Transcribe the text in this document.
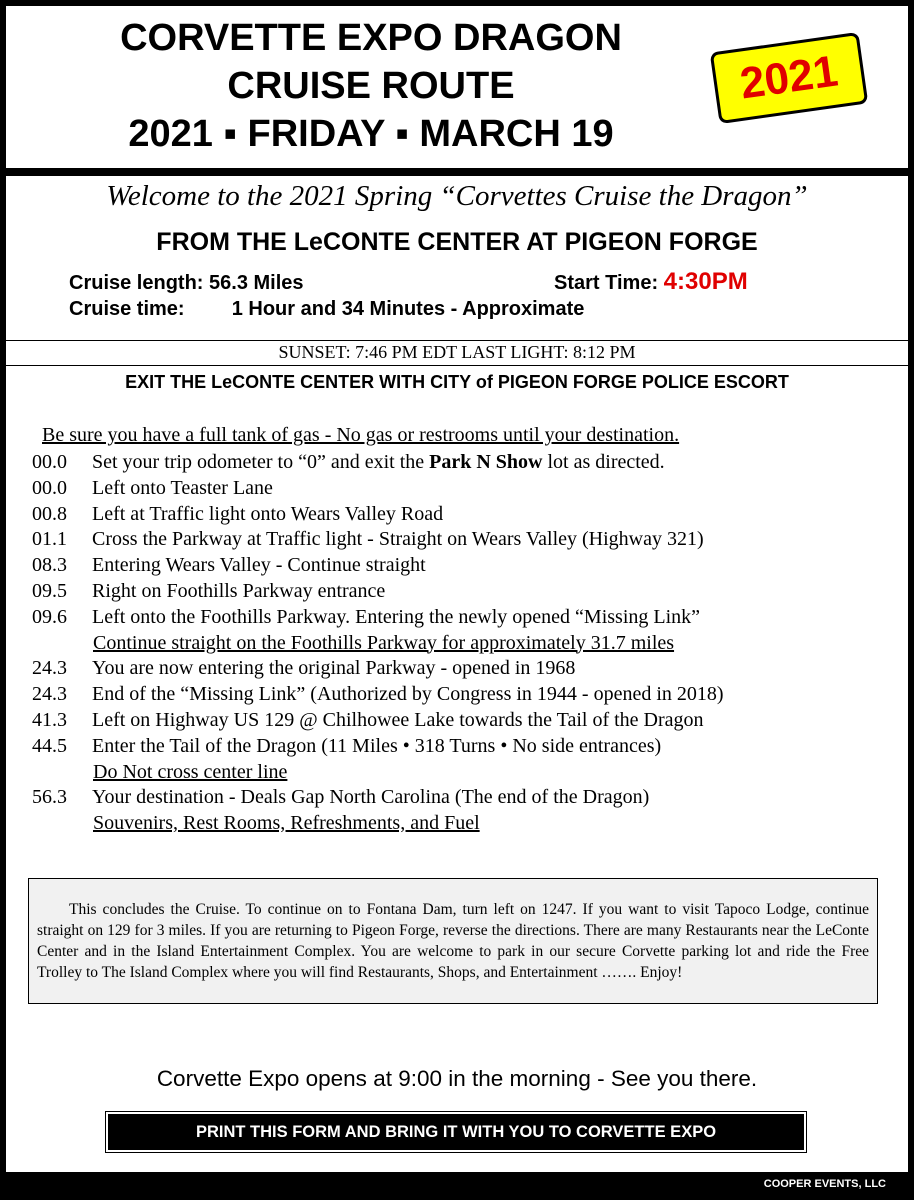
CORVETTE EXPO DRAGON
CRUISE ROUTE
2021 ▪ FRIDAY ▪ MARCH 19
2021
Welcome to the 2021 Spring “Corvettes Cruise the Dragon”
FROM THE LeCONTE CENTER AT PIGEON FORGE
Cruise length: 56.3 Miles	Start Time: 4:30PM
Cruise time: 1 Hour and 34 Minutes - Approximate
SUNSET: 7:46 PM EDT LAST LIGHT: 8:12 PM
EXIT THE LeCONTE CENTER WITH CITY of PIGEON FORGE POLICE ESCORT
Be sure you have a full tank of gas - No gas or restrooms until your destination.
00.0 Set your trip odometer to “0” and exit the Park N Show lot as directed.
00.0 Left onto Teaster Lane
00.8 Left at Traffic light onto Wears Valley Road
01.1 Cross the Parkway at Traffic light - Straight on Wears Valley (Highway 321)
08.3 Entering Wears Valley - Continue straight
09.5 Right on Foothills Parkway entrance
09.6 Left onto the Foothills Parkway. Entering the newly opened “Missing Link”
Continue straight on the Foothills Parkway for approximately 31.7 miles
24.3 You are now entering the original Parkway - opened in 1968
24.3 End of the “Missing Link” (Authorized by Congress in 1944 - opened in 2018)
41.3 Left on Highway US 129 @ Chilhowee Lake towards the Tail of the Dragon
44.5 Enter the Tail of the Dragon (11 Miles • 318 Turns • No side entrances)
Do Not cross center line
56.3 Your destination - Deals Gap North Carolina (The end of the Dragon)
Souvenirs, Rest Rooms, Refreshments, and Fuel
This concludes the Cruise. To continue on to Fontana Dam, turn left on 1247. If you want to visit Tapoco Lodge, continue straight on 129 for 3 miles. If you are returning to Pigeon Forge, reverse the directions. There are many Restaurants near the LeConte Center and in the Island Entertainment Complex. You are welcome to park in our secure Corvette parking lot and ride the Free Trolley to The Island Complex where you will find Restaurants, Shops, and Entertainment ……. Enjoy!
Corvette Expo opens at 9:00 in the morning - See you there.
PRINT THIS FORM AND BRING IT WITH YOU TO CORVETTE EXPO
COOPER EVENTS, LLC
